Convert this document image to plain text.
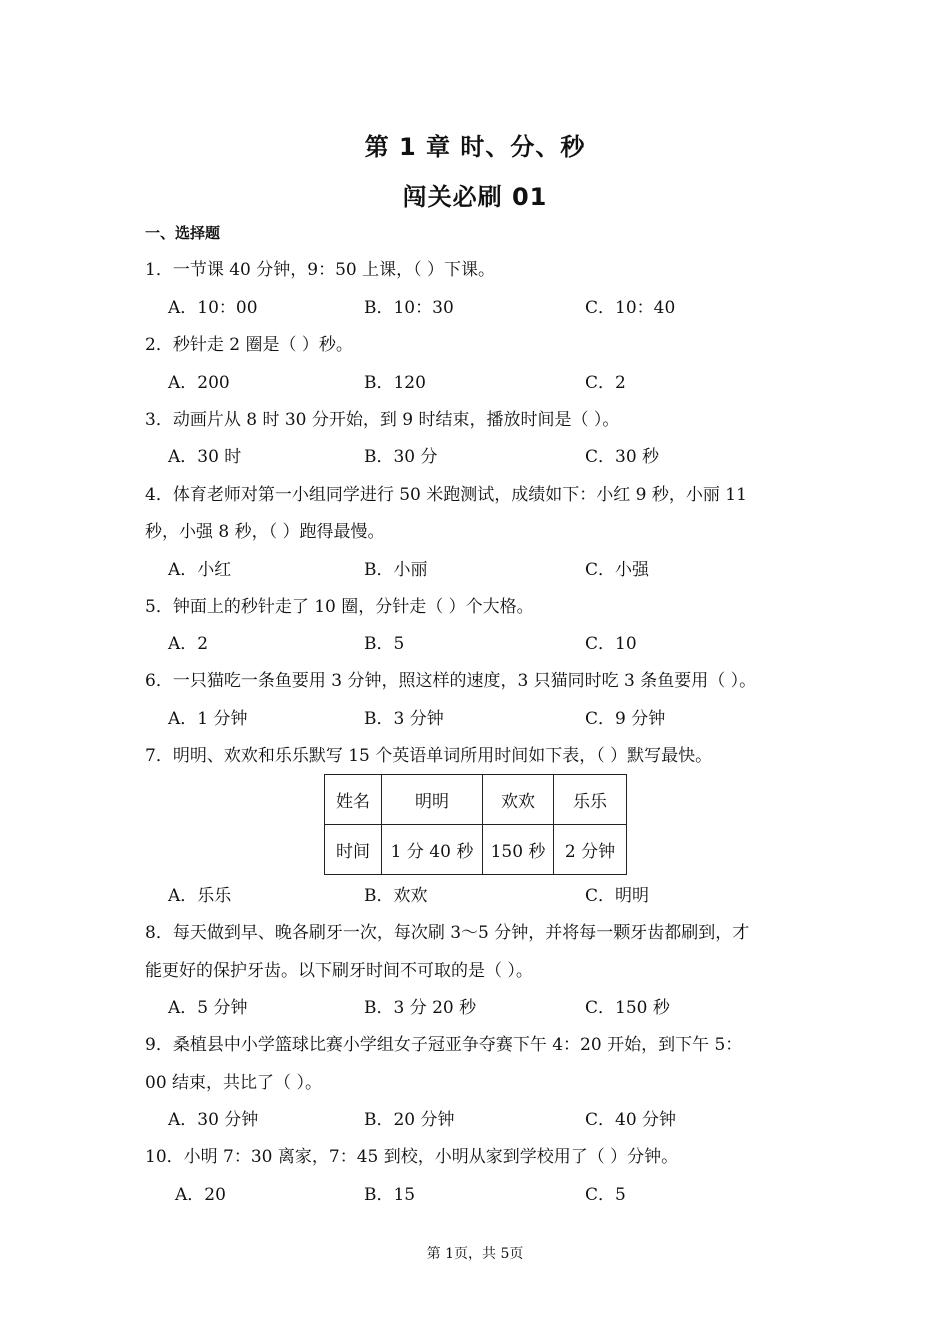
第 1 章 时、分、秒
闯关必刷 01
一、选择题
1．一节课 40 分钟，9：50 上课，（ ）下课。
A．10：00	B．10：30	C．10：40
2．秒针走 2 圈是（ ）秒。
A．200	B．120	C．2
3．动画片从 8 时 30 分开始，到 9 时结束，播放时间是（ ）。
A．30 时	B．30 分	C．30 秒
4．体育老师对第一小组同学进行 50 米跑测试，成绩如下：小红 9 秒，小丽 11
秒，小强 8 秒，（ ）跑得最慢。
A．小红	B．小丽	C．小强
5．钟面上的秒针走了 10 圈，分针走（ ）个大格。
A．2	B．5	C．10
6．一只猫吃一条鱼要用 3 分钟，照这样的速度，3 只猫同时吃 3 条鱼要用（ ）。
A．1 分钟	B．3 分钟	C．9 分钟
7．明明、欢欢和乐乐默写 15 个英语单词所用时间如下表，（ ）默写最快。
姓名	明明	欢欢	乐乐
时间	1 分 40 秒	150 秒	2 分钟
A．乐乐	B．欢欢	C．明明
8．每天做到早、晚各刷牙一次，每次刷 3～5 分钟，并将每一颗牙齿都刷到，才
能更好的保护牙齿。以下刷牙时间不可取的是（ ）。
A．5 分钟	B．3 分 20 秒	C．150 秒
9．桑植县中小学篮球比赛小学组女子冠亚争夺赛下午 4：20 开始，到下午 5：
00 结束，共比了（ ）。
A．30 分钟	B．20 分钟	C．40 分钟
10．小明 7：30 离家，7：45 到校，小明从家到学校用了（ ）分钟。
A．20	B．15	C．5
第 1页，共 5页
